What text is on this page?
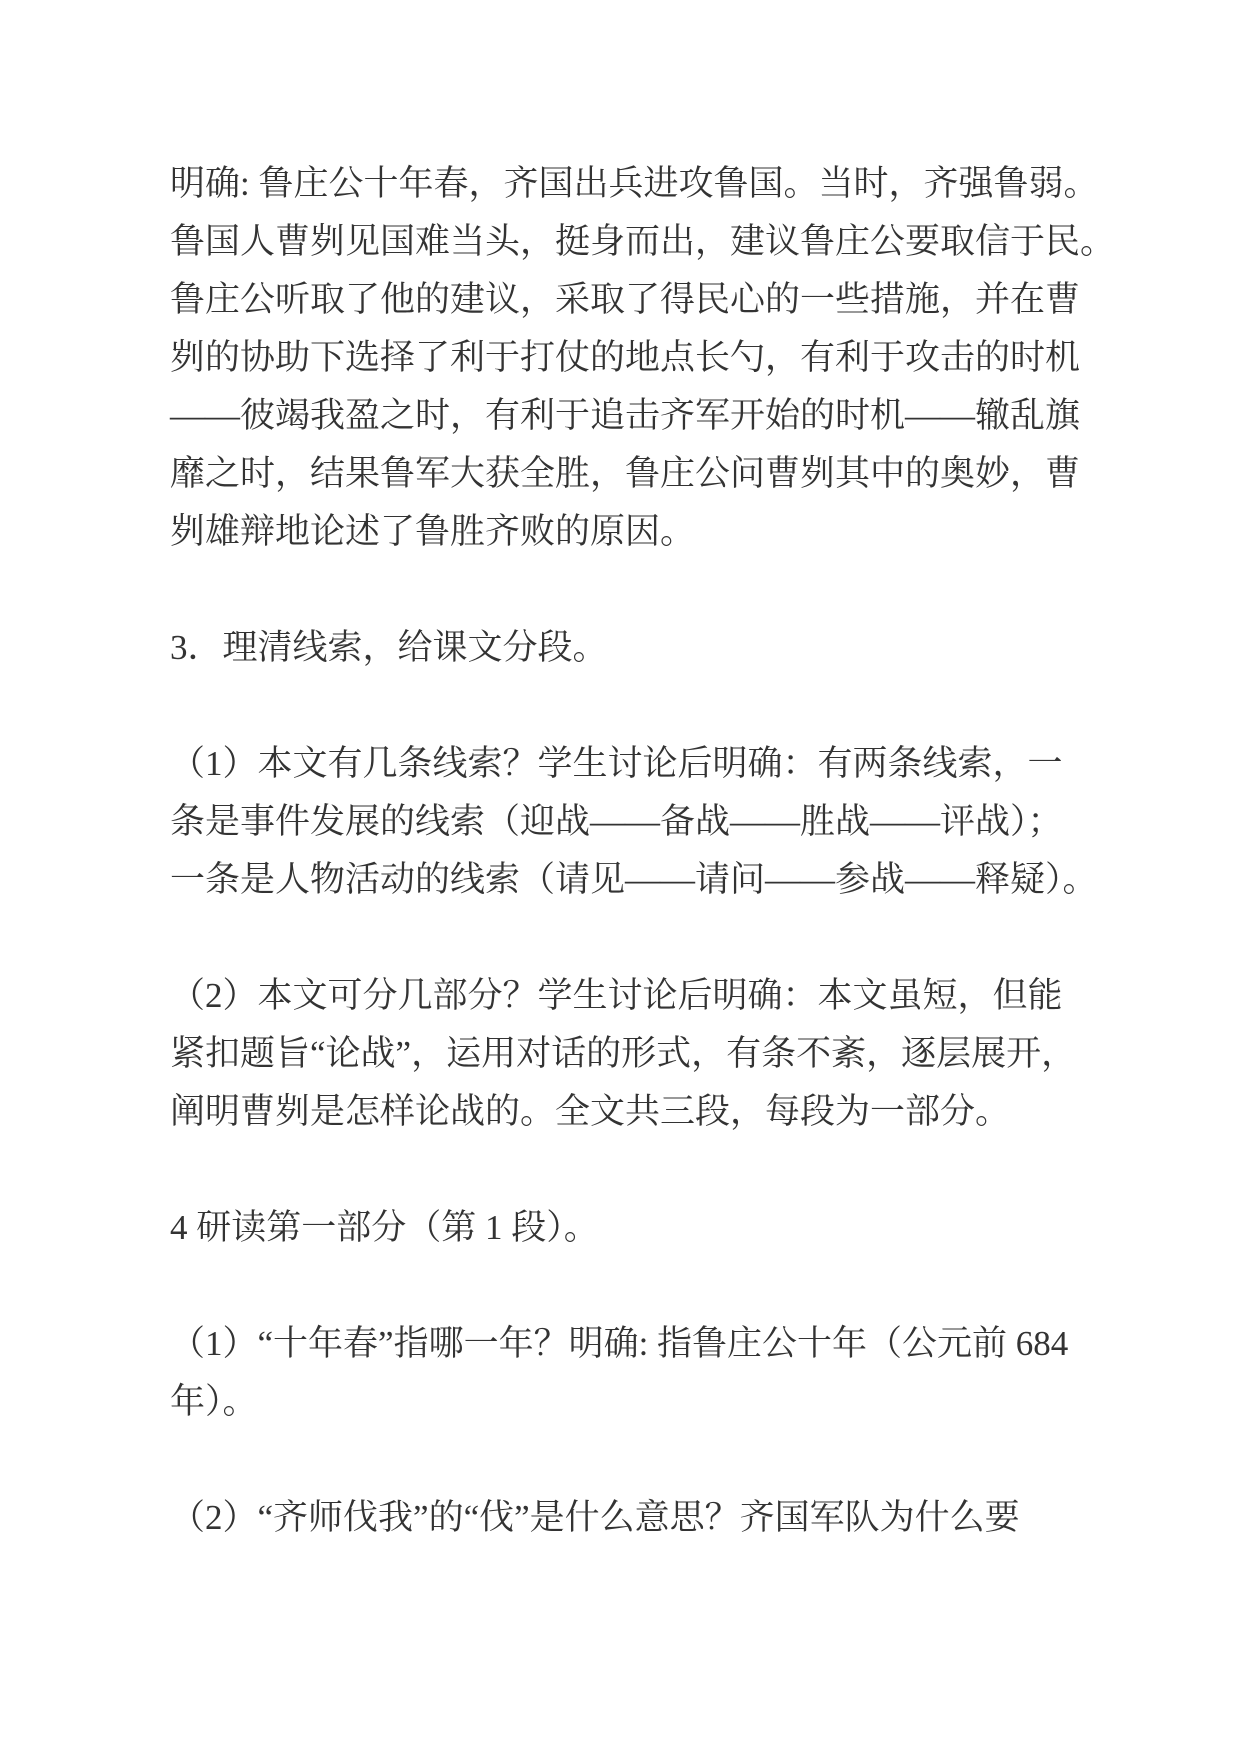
明确: 鲁庄公十年春，齐国出兵进攻鲁国。当时，齐强鲁弱。
鲁国人曹刿见国难当头，挺身而出，建议鲁庄公要取信于民。
鲁庄公听取了他的建议，采取了得民心的一些措施，并在曹
刿的协助下选择了利于打仗的地点长勺，有利于攻击的时机
——彼竭我盈之时，有利于追击齐军开始的时机——辙乱旗
靡之时，结果鲁军大获全胜，鲁庄公问曹刿其中的奥妙，曹
刿雄辩地论述了鲁胜齐败的原因。
3．理清线索，给课文分段。
（1）本文有几条线索？学生讨论后明确：有两条线索，一
条是事件发展的线索（迎战——备战——胜战——评战）；
一条是人物活动的线索（请见——请问——参战——释疑）。
（2）本文可分几部分？学生讨论后明确：本文虽短，但能
紧扣题旨“论战”，运用对话的形式，有条不紊，逐层展开，
阐明曹刿是怎样论战的。全文共三段，每段为一部分。
4 研读第一部分（第 1 段）。
（1）“十年春”指哪一年？明确: 指鲁庄公十年（公元前 684
年）。
（2）“齐师伐我”的“伐”是什么意思？齐国军队为什么要
